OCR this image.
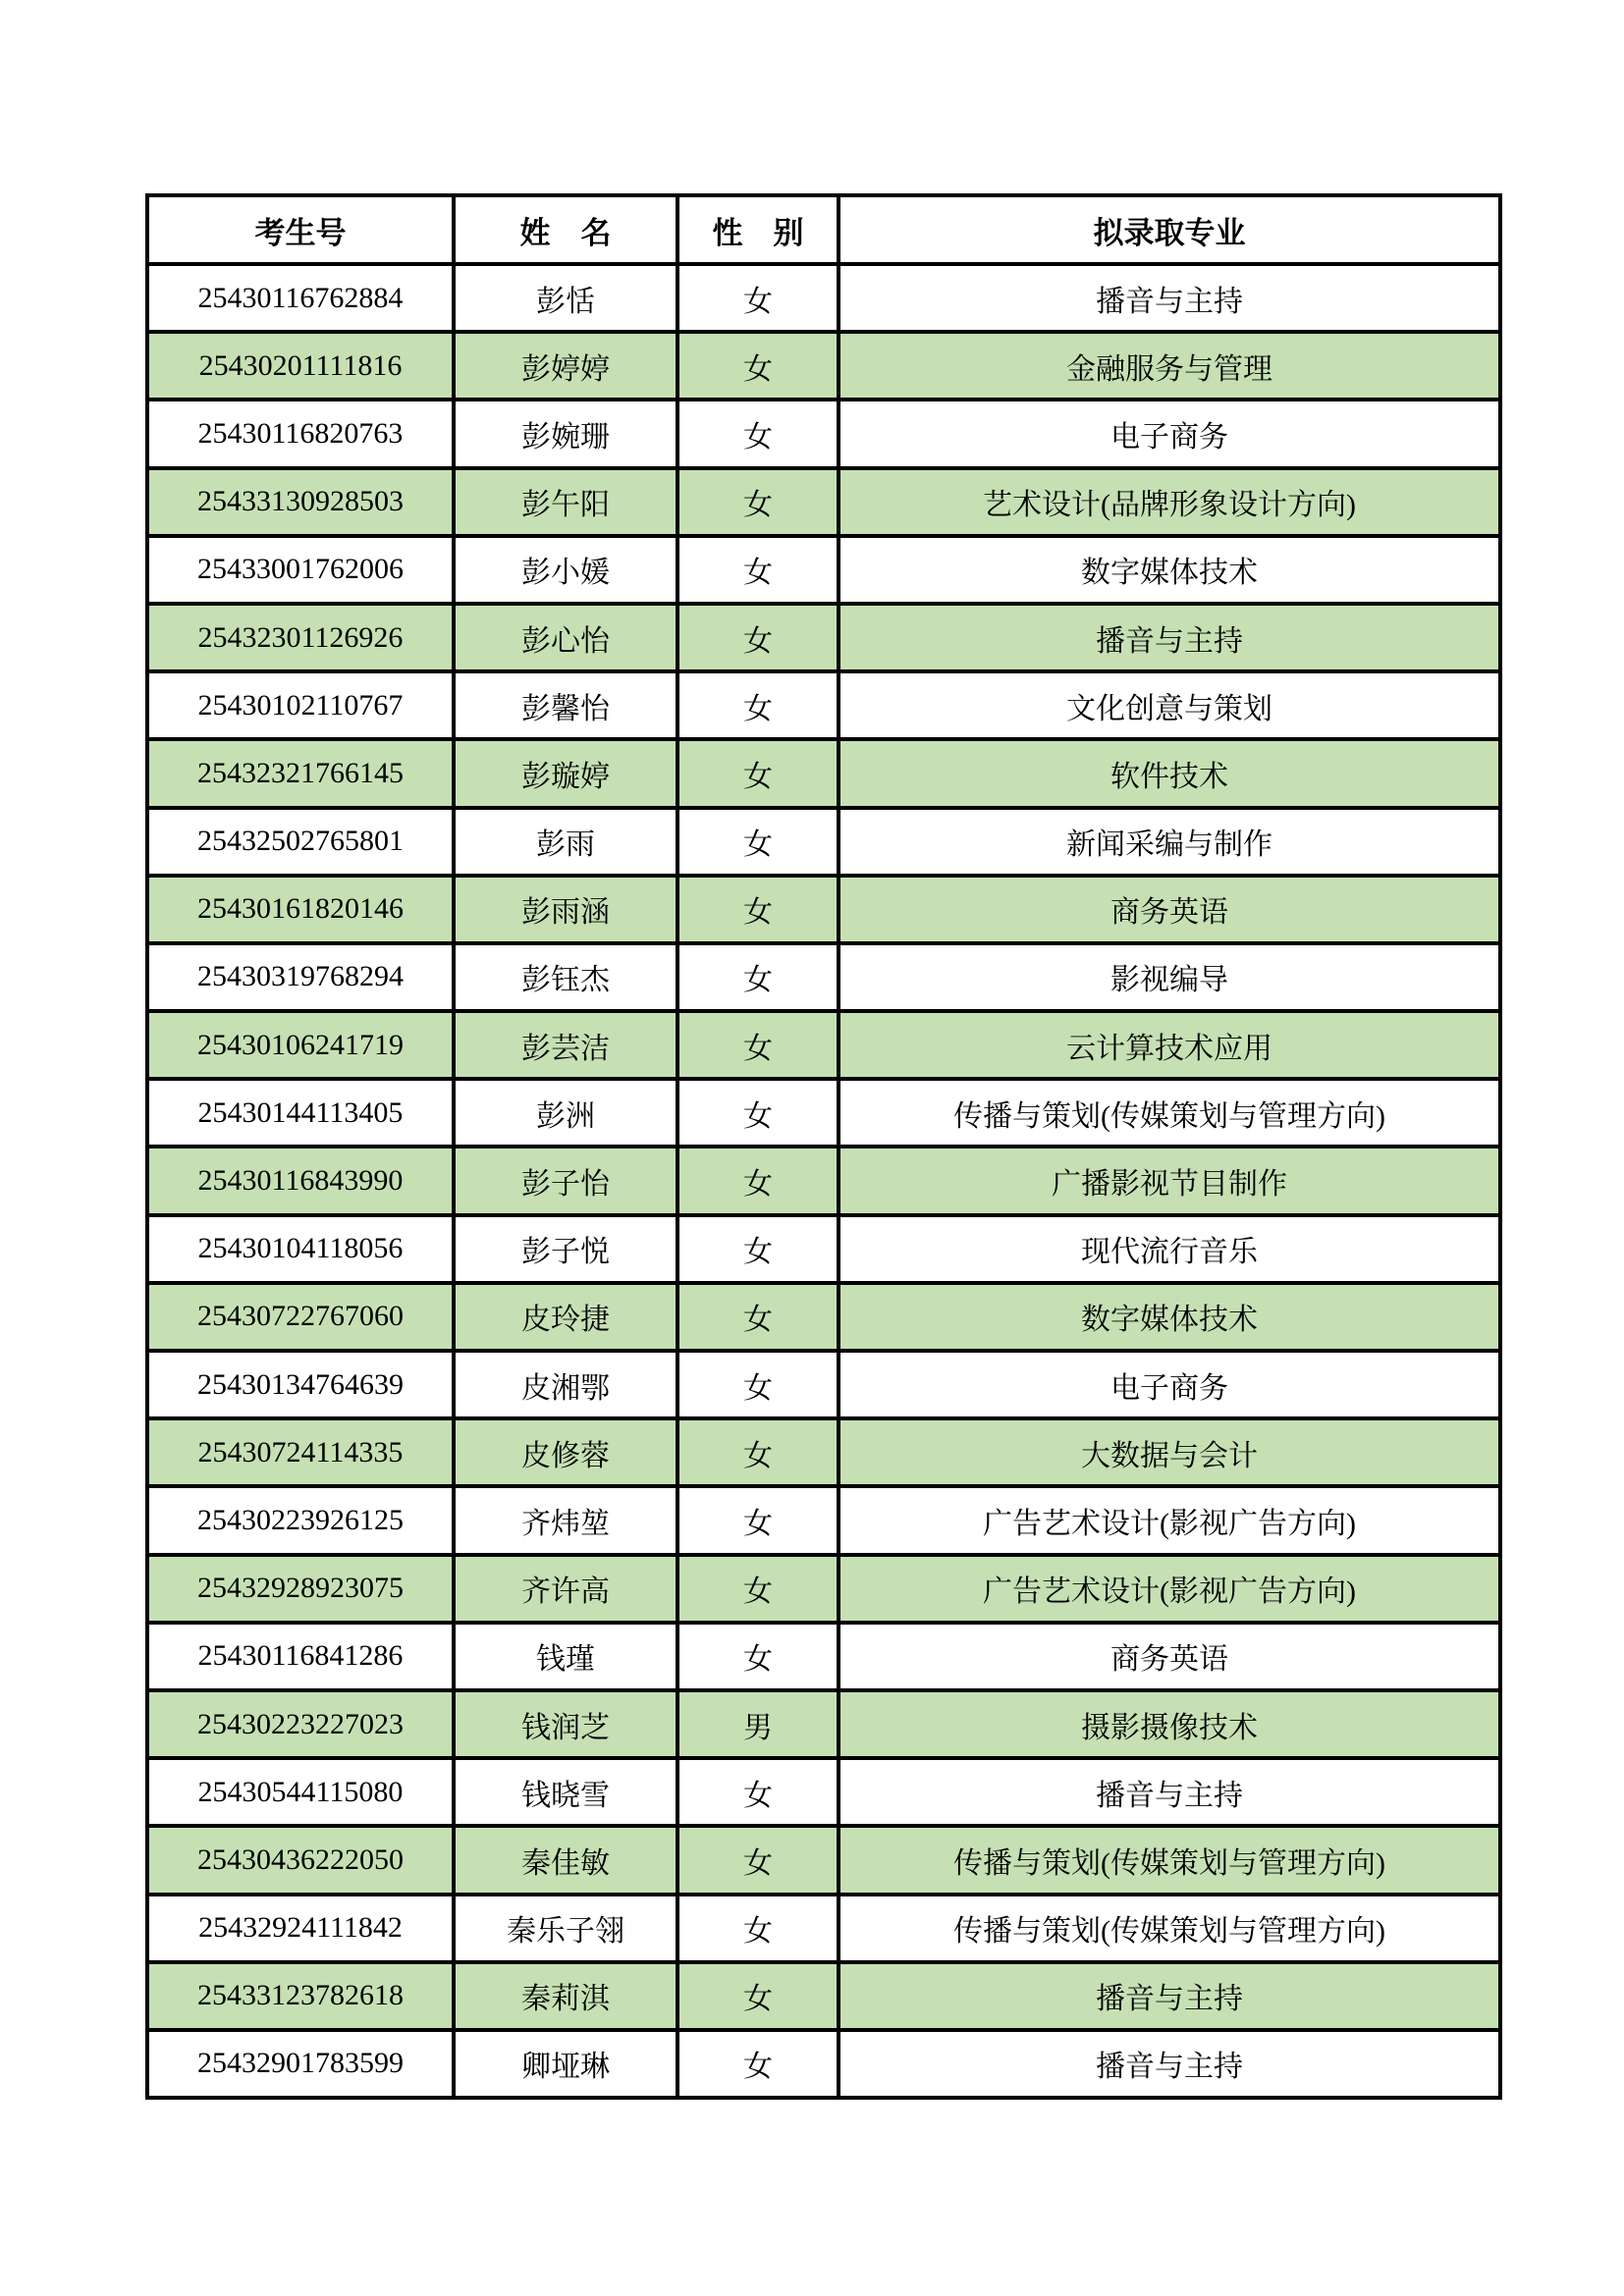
考生号	姓　名	性　别	拟录取专业
25430116762884	彭恬	女	播音与主持
25430201111816	彭婷婷	女	金融服务与管理
25430116820763	彭婉珊	女	电子商务
25433130928503	彭午阳	女	艺术设计(品牌形象设计方向)
25433001762006	彭小媛	女	数字媒体技术
25432301126926	彭心怡	女	播音与主持
25430102110767	彭馨怡	女	文化创意与策划
25432321766145	彭璇婷	女	软件技术
25432502765801	彭雨	女	新闻采编与制作
25430161820146	彭雨涵	女	商务英语
25430319768294	彭钰杰	女	影视编导
25430106241719	彭芸洁	女	云计算技术应用
25430144113405	彭洲	女	传播与策划(传媒策划与管理方向)
25430116843990	彭子怡	女	广播影视节目制作
25430104118056	彭子悦	女	现代流行音乐
25430722767060	皮玲捷	女	数字媒体技术
25430134764639	皮湘鄂	女	电子商务
25430724114335	皮修蓉	女	大数据与会计
25430223926125	齐炜堃	女	广告艺术设计(影视广告方向)
25432928923075	齐许高	女	广告艺术设计(影视广告方向)
25430116841286	钱瑾	女	商务英语
25430223227023	钱润芝	男	摄影摄像技术
25430544115080	钱晓雪	女	播音与主持
25430436222050	秦佳敏	女	传播与策划(传媒策划与管理方向)
25432924111842	秦乐子翎	女	传播与策划(传媒策划与管理方向)
25433123782618	秦莉淇	女	播音与主持
25432901783599	卿垭琳	女	播音与主持
